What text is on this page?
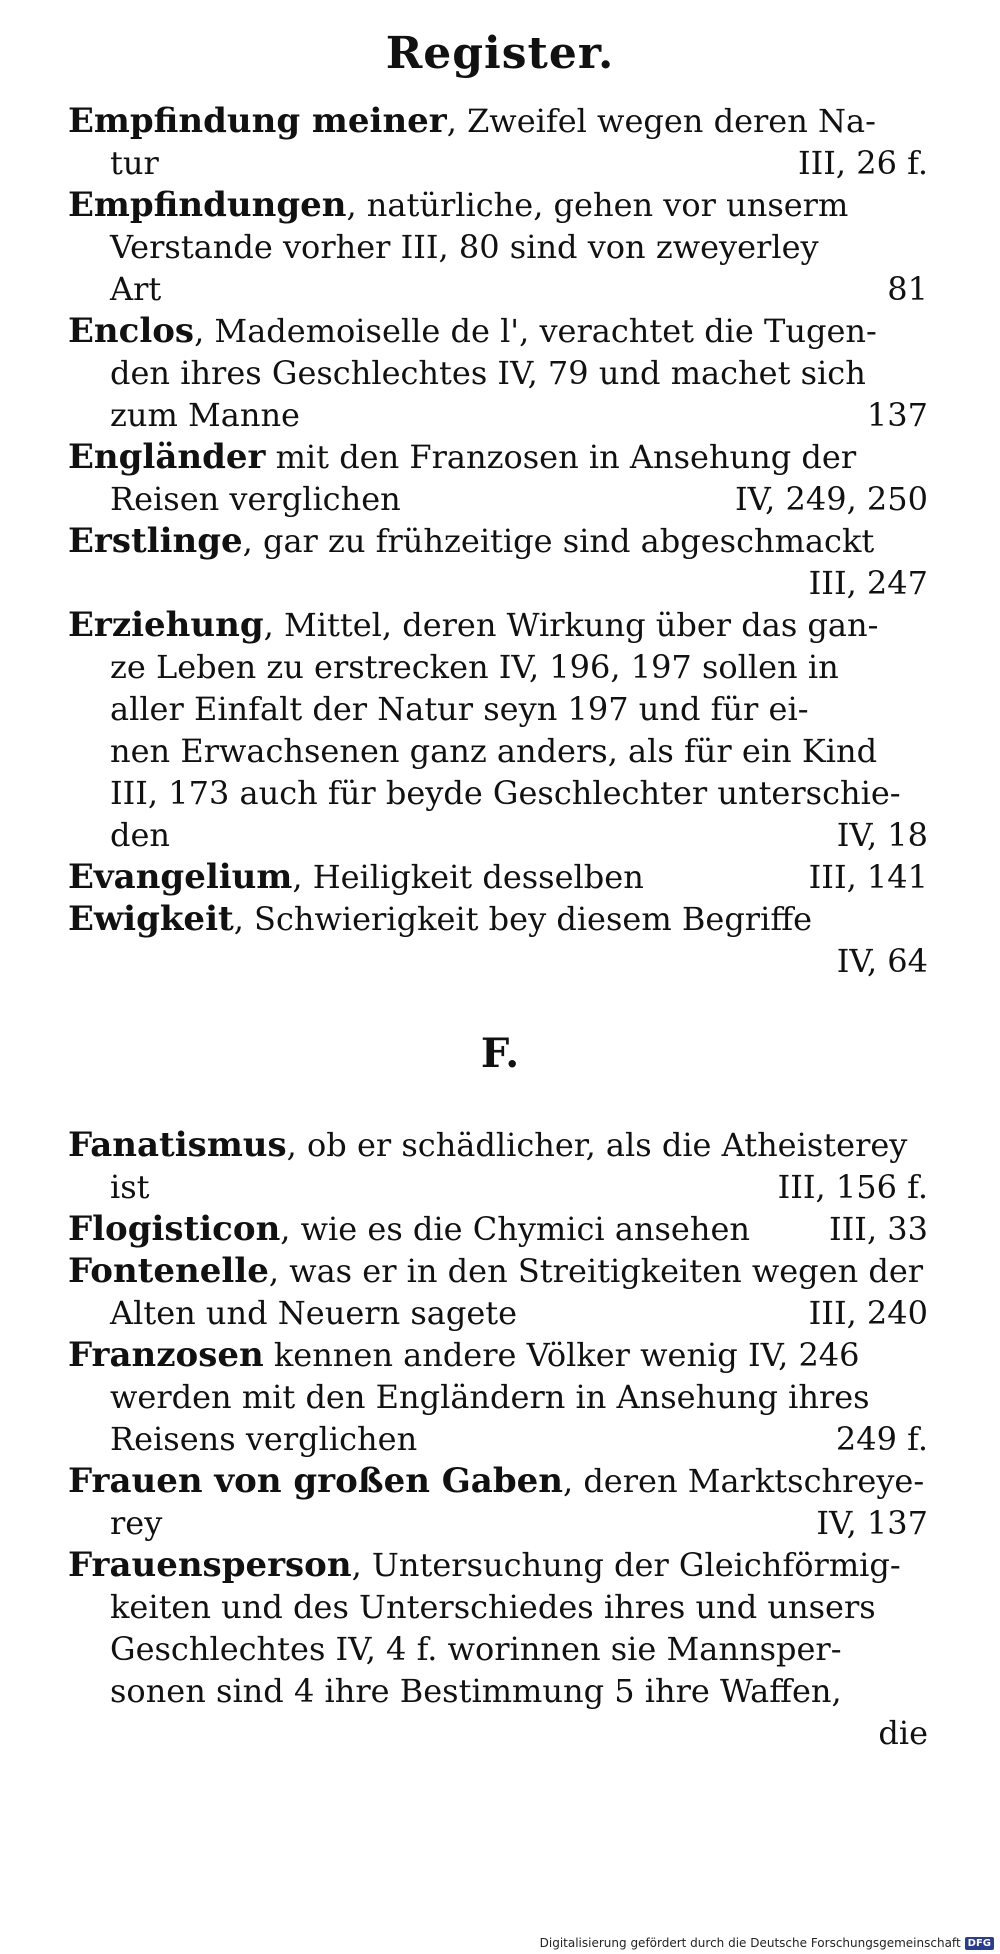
Register.
Empfindung meiner, Zweifel wegen deren Na-
tur	III, 26 f.
Empfindungen, natürliche, gehen vor unserm
Verstande vorher III, 80 sind von zweyerley
Art	81
Enclos, Mademoiselle de l', verachtet die Tugen-
den ihres Geschlechtes IV, 79 und machet sich
zum Manne	137
Engländer mit den Franzosen in Ansehung der
Reisen verglichen	IV, 249, 250
Erstlinge, gar zu frühzeitige sind abgeschmackt
III, 247
Erziehung, Mittel, deren Wirkung über das gan-
ze Leben zu erstrecken IV, 196, 197 sollen in
aller Einfalt der Natur seyn 197 und für ei-
nen Erwachsenen ganz anders, als für ein Kind
III, 173 auch für beyde Geschlechter unterschie-
den	IV, 18
Evangelium, Heiligkeit desselben	III, 141
Ewigkeit, Schwierigkeit bey diesem Begriffe
IV, 64
F.
Fanatismus, ob er schädlicher, als die Atheisterey
ist	III, 156 f.
Flogisticon, wie es die Chymici ansehen III, 33
Fontenelle, was er in den Streitigkeiten wegen der
Alten und Neuern sagete	III, 240
Franzosen kennen andere Völker wenig IV, 246
werden mit den Engländern in Ansehung ihres
Reisens verglichen	249 f.
Frauen von großen Gaben, deren Marktschreye-
rey	IV, 137
Frauensperson, Untersuchung der Gleichförmig-
keiten und des Unterschiedes ihres und unsers
Geschlechtes IV, 4 f. worinnen sie Mannsper-
sonen sind 4 ihre Bestimmung 5 ihre Waffen,
die
Digitalisierung gefördert durch die Deutsche Forschungsgemeinschaft DFG
